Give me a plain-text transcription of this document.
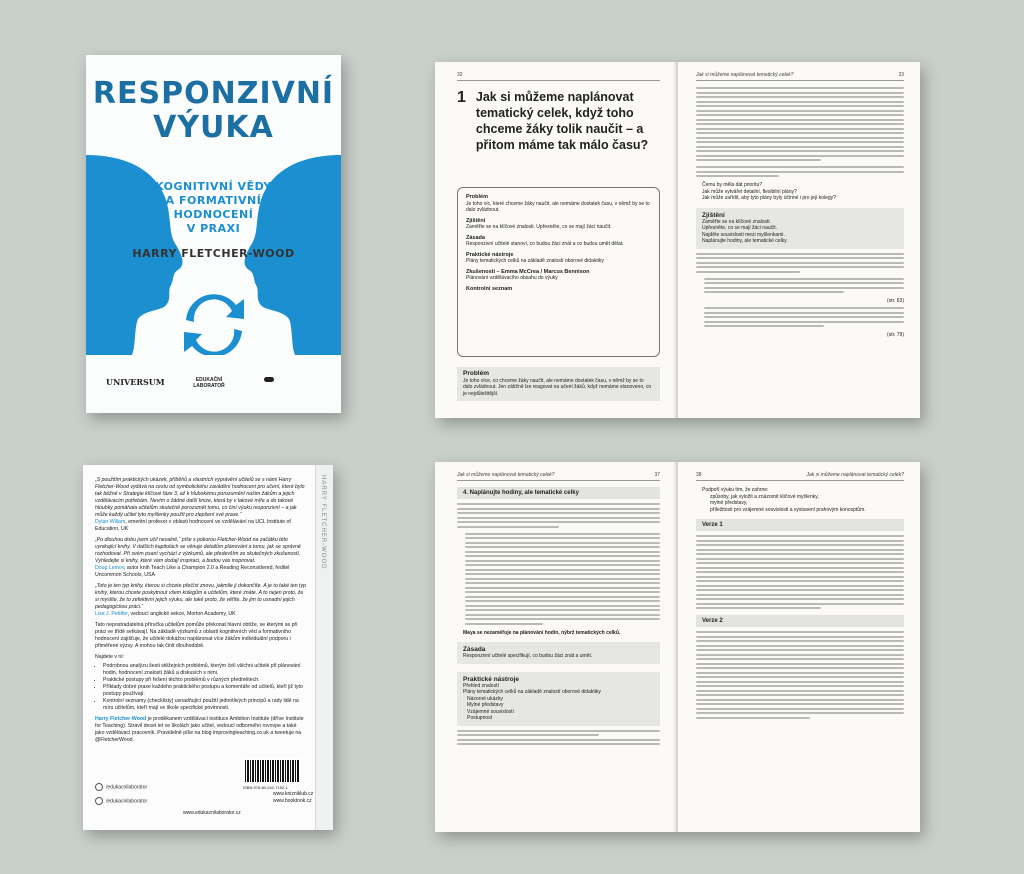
RESPONZIVNÍ
VÝUKA
KOGNITIVNÍ VĚDY
A FORMATIVNÍ HODNOCENÍ
V PRAXI
HARRY FLETCHER-WOOD
UNIVERSUM	EDUKAČNÍ LABORATOŘ
32
1 Jak si můžeme naplánovat tematický celek, když toho chceme žáky tolik naučit – a přitom máme tak málo času?
Problém
Je toho víc, které chceme žáky naučit, ale nemáme dostatek času, v němž by se to dalo zvládnout.
Zjištění
Zaměřte se na klíčové znalosti. Upřesněte, co se mají žáci naučit.
Zásada
Responzivní učitelé stanoví, co budou žáci znát a co budou umět dělat.
Praktické nástroje
Plány tematických celků na základě znalostí oborové didaktiky
Zkušenosti – Emma McCrea / Marcus Bennison
Plánování vzdělávacího obsahu do výuky
Kontrolní seznam
Problém
Je toho více, co chceme žáky naučit, ale nemáme dostatek času, v němž by se to dalo zvládnout. Jen zátížně lze reagovat na učení žáků, když nemáme stanoveno, co je nejdůležitější.
Jak si můžeme naplánovat tematický celek?	33
Čemu by měla dát prioritu?
Jak může vytvářet detailní, flexibilní plány?
Jak může zařídit, aby tyto plány byly účinné i pro její kolegy?
Zjištění
Zaměřte se na klíčové znalosti.
Upřesněte, co se mají žáci naučit.
Najděte souvislosti mezi myšlenkami.
Naplánujte hodiny, ale tematické celky.
(str. 63)
(str. 79)
HARRY FLETCHER-WOOD

„S použitím praktických ukázek, příběhů a vlastních vyprávění učitelů se s námi Harry Fletcher-Wood vydává na cestu od symbolického zavádění hodnocení pro učení, které bylo tak běžné v Strategie klíčové fáze 3, až k hlubokému porozumění našim žákům a jejich vzdělávacím potřebám. Nevím o žádné další knize, která by v takové míře a do takové hloubky pomáhala učitelům skutečně porozumět tomu, co činí výuku responzivní – a jak může každý učitel tyto myšlenky použít pro zlepšení své praxe.“
Dylan Wiliam, emeritní profesor v oblasti hodnocení ve vzdělávání na UCL Institute of Education, UK

„Po dlouhou dobu jsem učil nevalně,“ píše s pokorou Fletcher-Wood na začátku této vynikající knihy. V dalších kapitolách se věnuje detailům plánování a tomu, jak se správně rozhodovat. Při svém psaní vychází z výzkumů, ale především ze skutečných zkušeností. Vyhledejte si knihy, které vám dodají inspiraci, a budou vás inspirovat.
Doug Lemov, autor knih Teach Like a Champion 2.0 a Reading Reconsidered, ředitel Uncommon Schools, USA

„Toto je ten typ knihy, kterou si chcete přečíst znovu, jakmile ji dokončíte. A je to také ten typ knihy, kterou chcete poskytnout všem kolegům a učitelům, které znáte. A to nejen proto, že si myslíte, že to zefektivní jejich výuku, ale také proto, že věříte, že jim to usnadní jejich pedagogickou práci.“
Lisa J. Pettifer, vedoucí anglické sekce, Morton Academy, UK

Tato nepostradatelná příručka učitelům pomůže překonat hlavní obtíže, se kterými se při práci ve třídě setkávají. Na základě výzkumů z oblasti kognitivních věd a formativního hodnocení zajišťuje, že učitelé dokážou naplánovat více žákům individuální podporu i přiměřené výzvy. A mohou tak činit dlouhodobě.

Najdete v ní:

• Podrobnou analýzu šesti stěžejních problémů, kterým čelí všichni učitelé při plánování hodin, hodnocení znalostí žáků a diskusích s nimi.
• Praktické postupy při řešení těchto problémů v různých předmětech.
• Příklady dobré praxe každého praktického postupu a komentáře od učitelů, kteří již tyto postupy používají.
• Kontrolní seznamy (checklisty) usnadňující použití jednotlivých principů a rady lidé na míru učitelům, kteří mají ve škole specifické povinnosti.

Harry Fletcher-Wood je proděkanem vzdělávací instituce Ambition Institute (dříve Institute for Teaching). Strávil deset let ve školách jako učitel, vedoucí odborného rovovpe a také jako vzdělávací pracovník. Pravidelně píše na blog improvingteaching.co.uk a tweetuje na @FletcherWood.

ISBN 978-80-242-7152-1
/edukacnilaborator
/edukacnilaborator
www.knizniklub.cz
www.booktook.cz
www.edukacnilaborator.cz
Jak si můžeme naplánovat tematický celek?	37
4. Naplánujte hodiny, ale tematické celky
Maya se nezaměřuje na plánování hodin, nýbrž tematických celků.
Zásada
Responzivní učitelé specifikují, co budou žáci znát a umět.
Praktické nástroje
Přehled znalostí
Plány tematických celků na základě znalostí oborové didaktiky
Názorné ukázky
Mylné představy
Vzájemné souvislosti
Postupnost
38	Jak si můžeme naplánovat tematický celek?
Podpoří výuku tím, že zahrne:
způsoby, jak vyložit a znázornit klíčové myšlenky,
mylné představy,
příležitosti pro vzájemné souvislosti a vystavení prahovým konceptům.
Verze 1
Verze 2
